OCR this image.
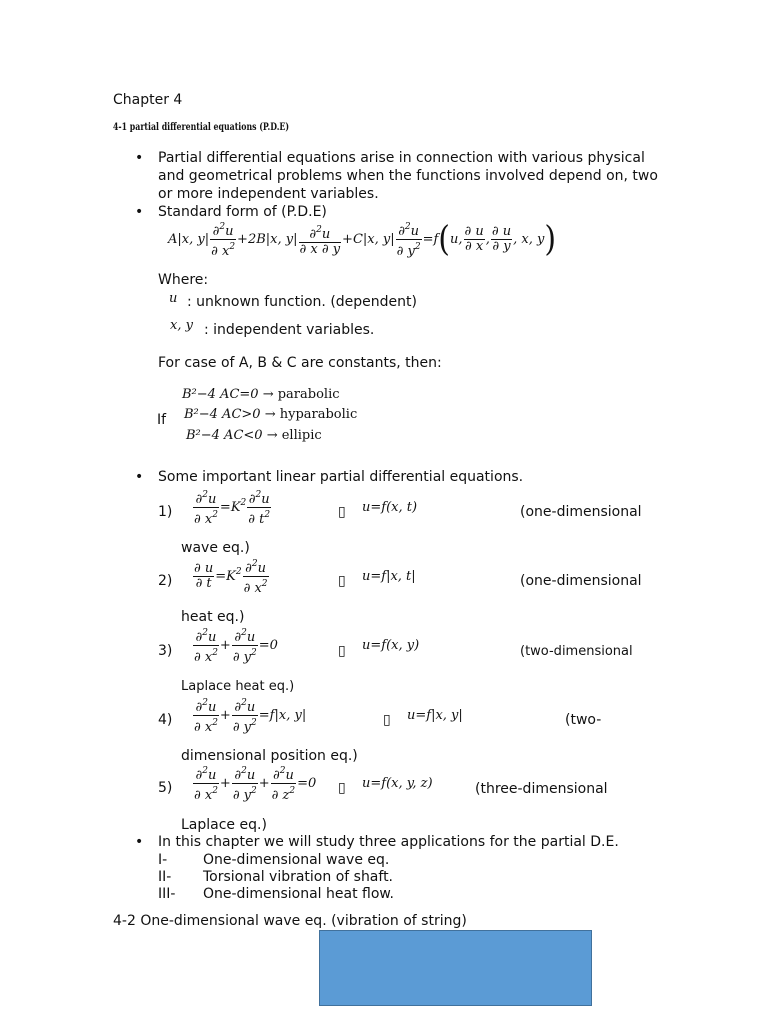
Chapter 4
4-1 partial differential equations (P.D.E)
• Partial differential equations arise in connection with various physical
and geometrical problems when the functions involved depend on, two
or more independent variables.
• Standard form of (P.D.E)
A|x, $y| \frac{\partial^2u}{\partial x^2} +2B|x$, $y| \frac{\partial^2u}{\partial x \partial y} +C|x$, $y| \frac{\partial^2u}{\partial y^2} =f(u$, $\frac{\partial u}{\partial x}$ , $\frac{\partial u}{\partial y}$ , x, y)
Where:
u : unknown function. (dependent)
x, y : independent variables.
For case of A, B & C are constants, then:
If
B²−4 AC=0 → parabolic
B²−4 AC>0 → hyparabolic
B²−4 AC<0 → ellipic
• Some important linear partial differential equations.
$1) \frac{\partial^2u}{\partial x^2} =K^2 \frac{\partial^2u}{\partial t^2}$	▯ u=f(x, t)	(one-dimensional
wave eq.)
$2) \frac{\partial u}{\partial t} =K^2 \frac{\partial^2u}{\partial x^2}$	▯ u=f|x, t|	(one-dimensional
heat eq.)
$3) \frac{\partial^2u}{\partial x^2} + \frac{\partial^2u}{\partial y^2} =0$	▯ u=f(x, y)	(two-dimensional
Laplace heat eq.)
$4) \frac{\partial^2u}{\partial x^2} + \frac{\partial^2u}{\partial y^2} =f|x$, y|	▯ u=f|x, y|	(two-
dimensional position eq.)
$5) \frac{\partial^2u}{\partial x^2} + \frac{\partial^2u}{\partial y^2} + \frac{\partial^2u}{\partial z^2} =0$ ▯ u=f(x, y, z)	(three-dimensional
Laplace eq.)
• In this chapter we will study three applications for the partial D.E.
I-	One-dimensional wave eq.
II- Torsional vibration of shaft.
III- One-dimensional heat flow.
4-2 One-dimensional wave eq. (vibration of string)
